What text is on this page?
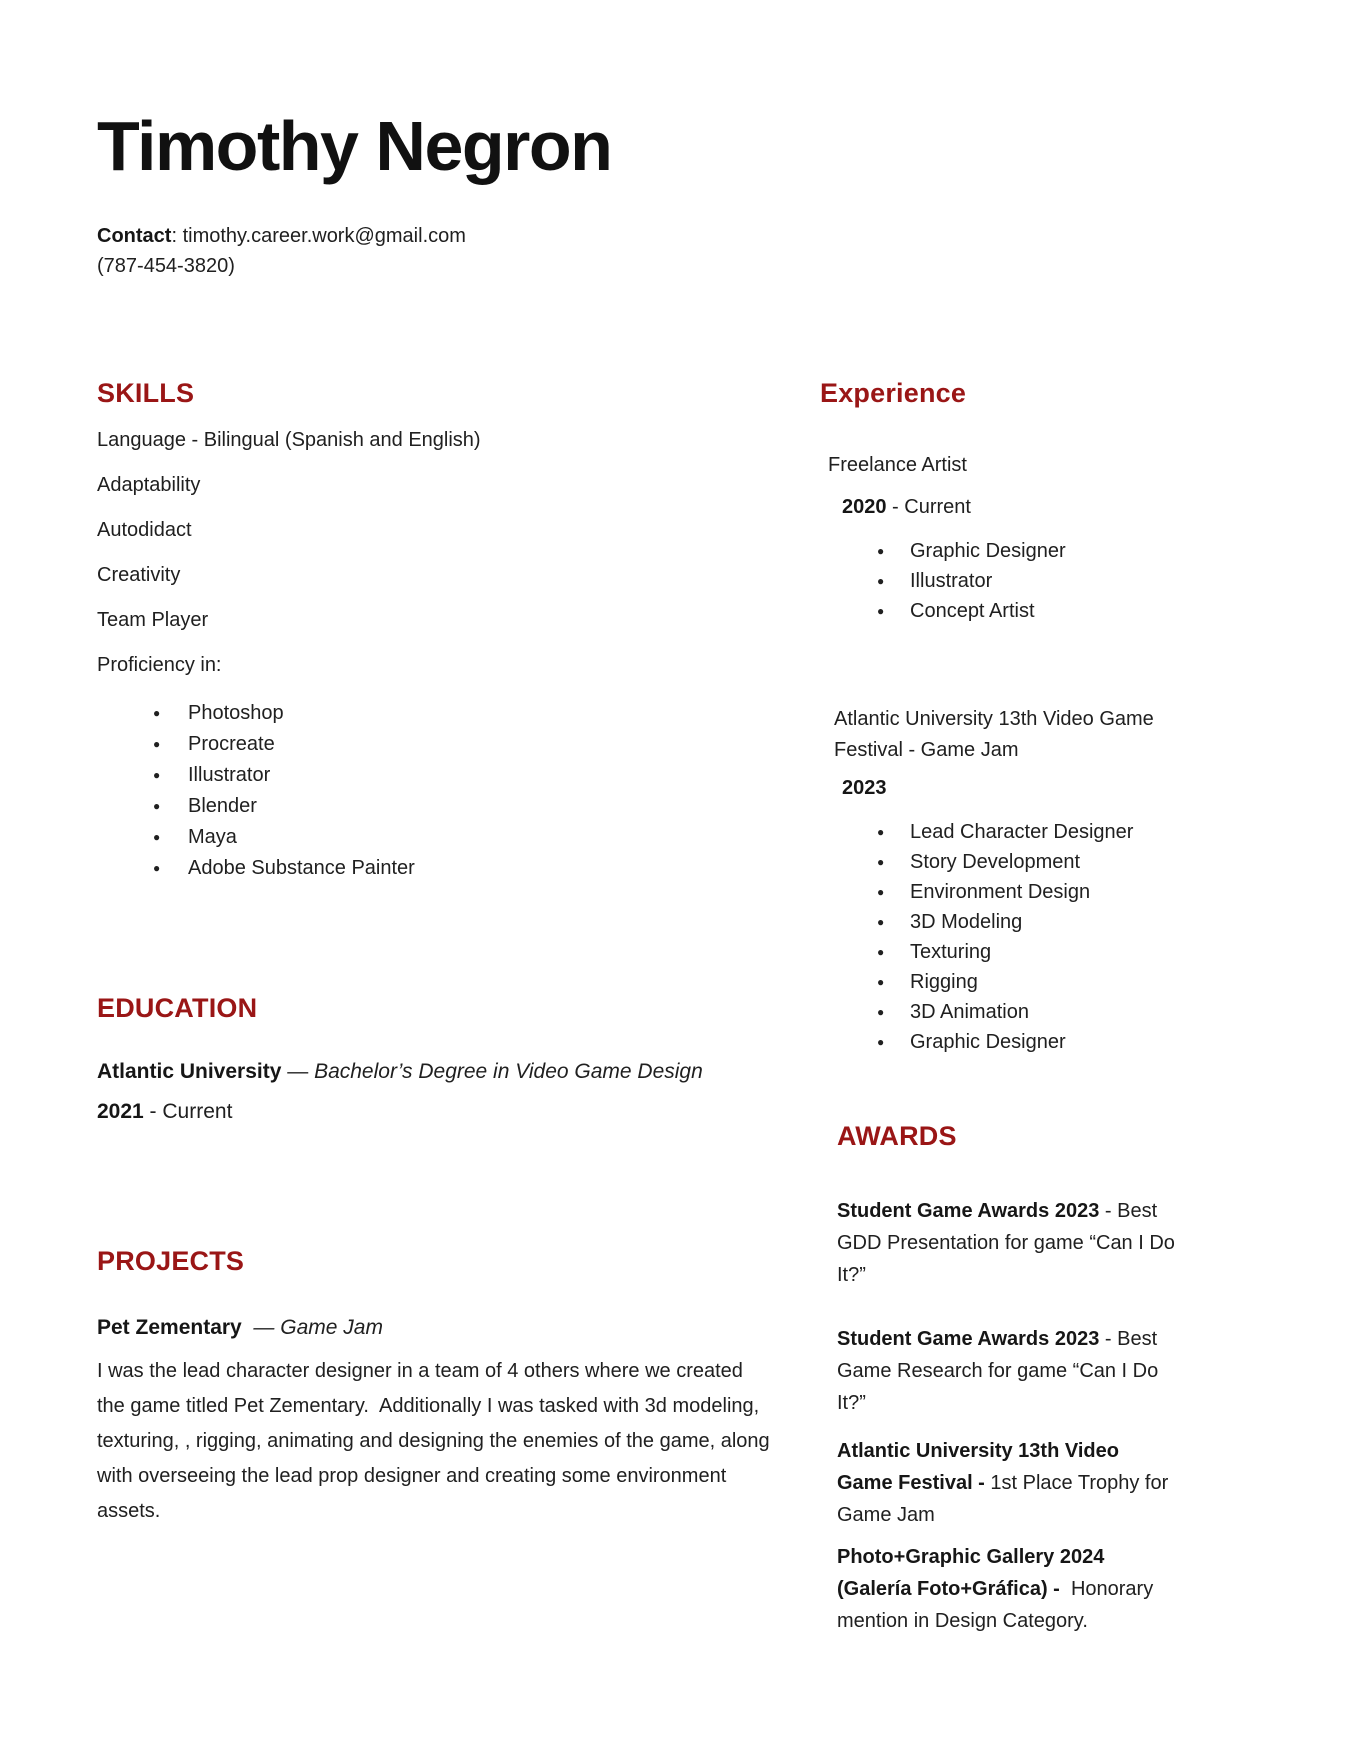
Timothy Negron

Contact: timothy.career.work@gmail.com

(787-454-3820)

SKILLS

Language - Bilingual (Spanish and English)

Adaptability

Autodidact

Creativity

Team Player

Proficiency in:

● Photoshop
● Procreate
● Illustrator
● Blender
● Maya
● Adobe Substance Painter
EDUCATION

Atlantic University — Bachelor’s Degree in Video Game Design

2021 - Current

PROJECTS

Pet Zementary  — Game Jam

I was the lead character designer in a team of 4 others where we created the game titled Pet Zementary.  Additionally I was tasked with 3d modeling, texturing, , rigging, animating and designing the enemies of the game, along with overseeing the lead prop designer and creating some environment assets.

Experience

Freelance Artist

2020 - Current

● Graphic Designer
● Illustrator
● Concept Artist

Atlantic University 13th Video Game Festival - Game Jam

2023

● Lead Character Designer
● Story Development
● Environment Design
● 3D Modeling
● Texturing
● Rigging
● 3D Animation
● Graphic Designer
AWARDS

Student Game Awards 2023 - Best GDD Presentation for game “Can I Do It?”

Student Game Awards 2023 - Best Game Research for game “Can I Do It?”

Atlantic University 13th Video Game Festival - 1st Place Trophy for Game Jam

Photo+Graphic Gallery 2024 (Galería Foto+Gráfica) -  Honorary mention in Design Category.
